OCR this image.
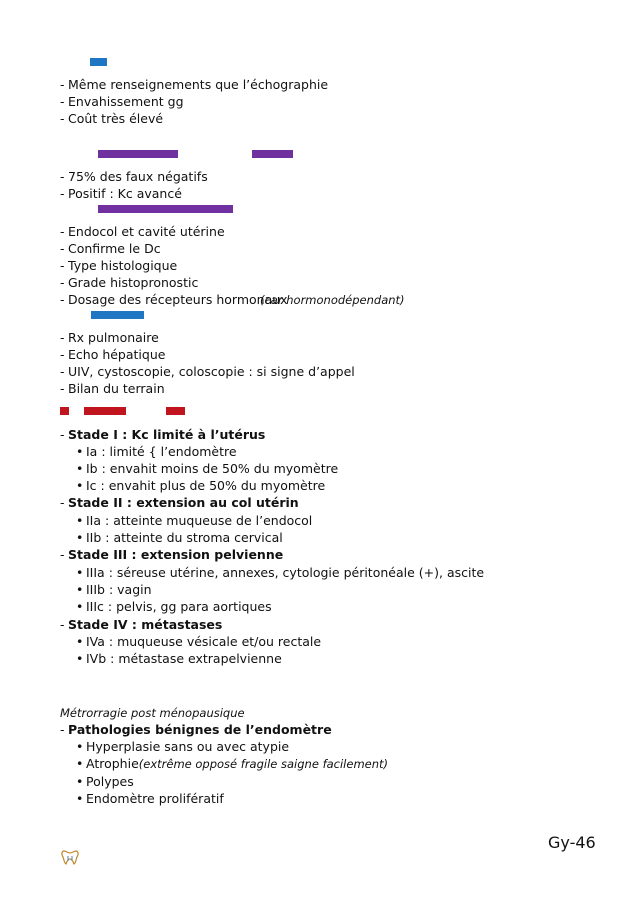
- Même renseignements que l’échographie
- Envahissement gg
- Coût très élevé
- 75% des faux négatifs
- Positif : Kc avancé
- Endocol et cavité utérine
- Confirme le Dc
- Type histologique
- Grade histopronostic
- Dosage des récepteurs hormonaux
(car hormonodépendant)
- Rx pulmonaire
- Echo hépatique
- UIV, cystoscopie, coloscopie : si signe d’appel
- Bilan du terrain
- Stade I : Kc limité à l’utérus
• Ia : limité { l’endomètre
• Ib : envahit moins de 50% du myomètre
• Ic : envahit plus de 50% du myomètre
- Stade II : extension au col utérin
• IIa : atteinte muqueuse de l’endocol
• IIb : atteinte du stroma cervical
- Stade III : extension pelvienne
• IIIa : séreuse utérine, annexes, cytologie péritonéale (+), ascite
• IIIb : vagin
• IIIc : pelvis, gg para aortiques
- Stade IV : métastases
• IVa : muqueuse vésicale et/ou rectale
• IVb : métastase extrapelvienne
Métrorragie post ménopausique
- Pathologies bénignes de l’endomètre
• Hyperplasie sans ou avec atypie
• Atrophie(extrême opposé fragile saigne facilement)
• Polypes
• Endomètre prolifératif
Gy-46
